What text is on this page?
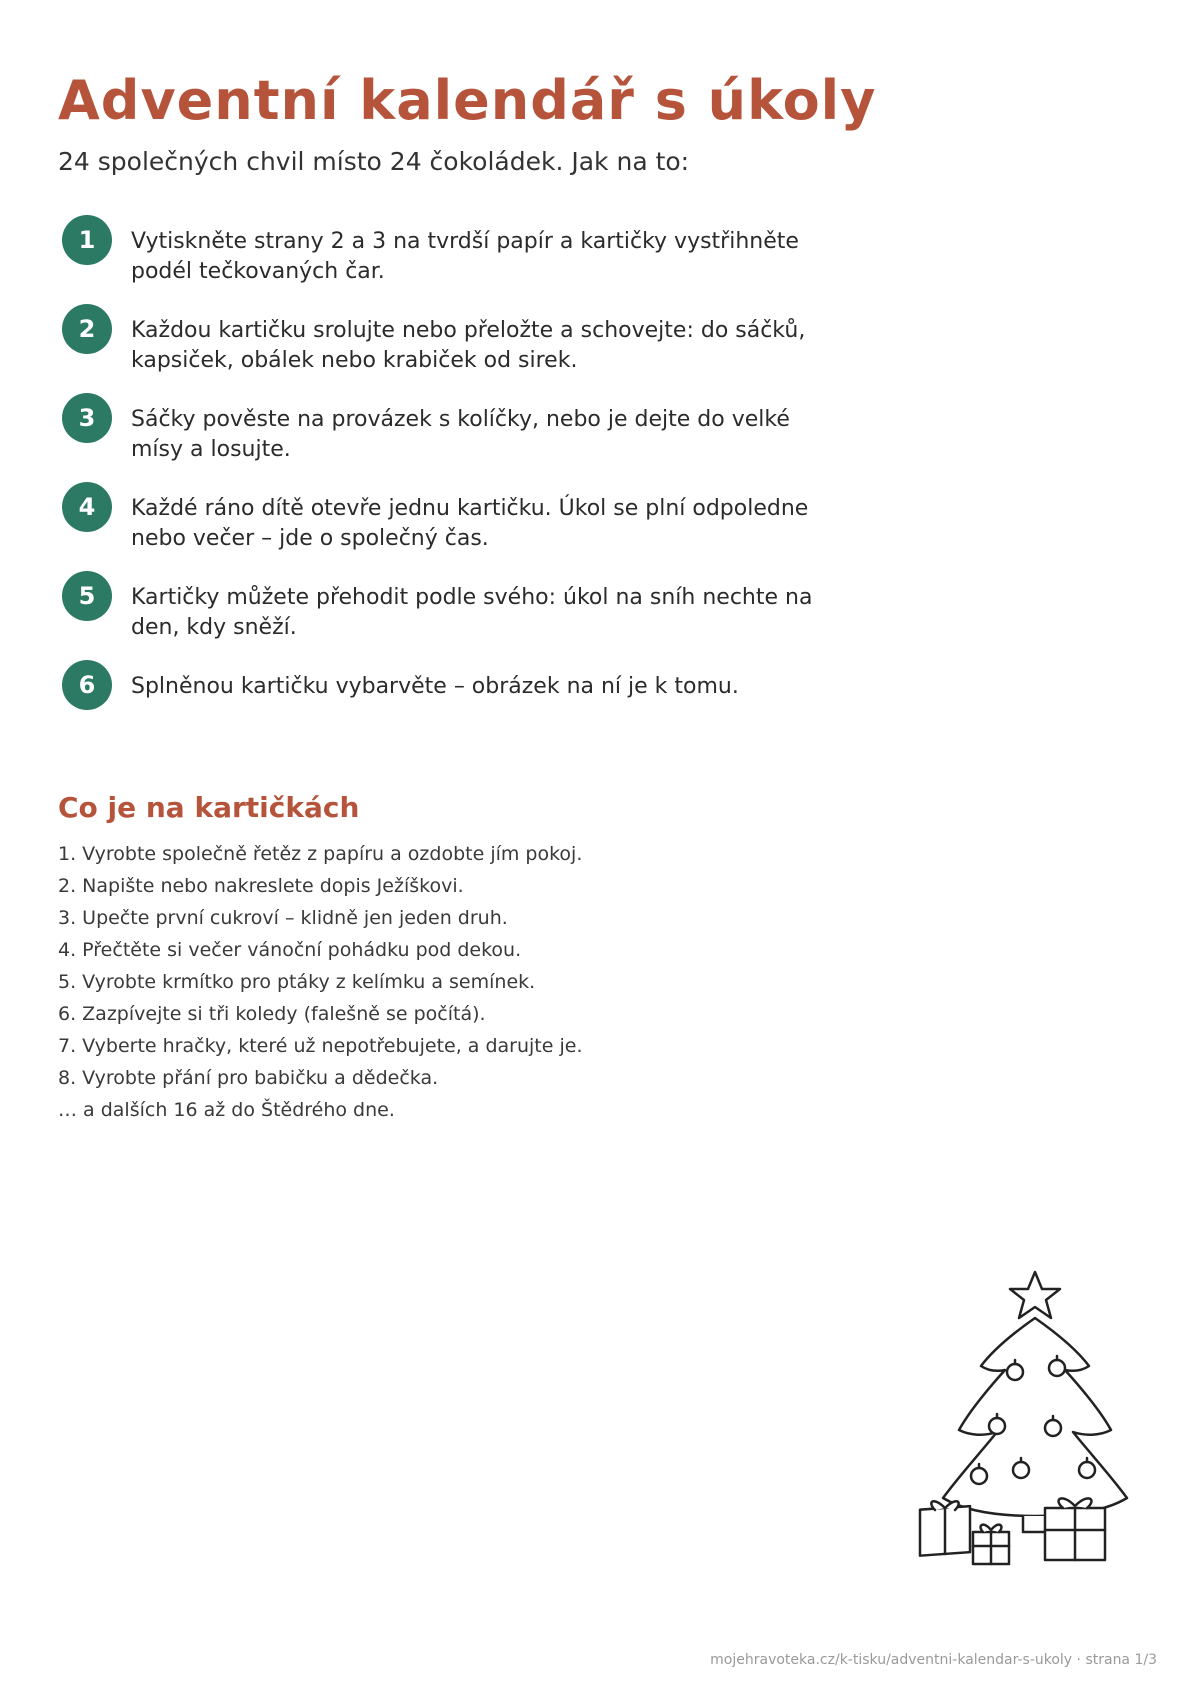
Adventní kalendář s úkoly

24 společných chvil místo 24 čokoládek. Jak na to:

1	Vytiskněte strany 2 a 3 na tvrdší papír a kartičky vystřihněte podél tečkovaných čar.

2	Každou kartičku srolujte nebo přeložte a schovejte: do sáčků, kapsiček, obálek nebo krabiček od sirek.

3	Sáčky pověste na provázek s kolíčky, nebo je dejte do velké mísy a losujte.

4	Každé ráno dítě otevře jednu kartičku. Úkol se plní odpoledne nebo večer – jde o společný čas.

5	Kartičky můžete přehodit podle svého: úkol na sníh nechte na den, kdy sněží.

6	Splněnou kartičku vybarvěte – obrázek na ní je k tomu.

Co je na kartičkách
1. Vyrobte společně řetěz z papíru a ozdobte jím pokoj.
2. Napište nebo nakreslete dopis Ježíškovi.
3. Upečte první cukroví – klidně jen jeden druh.
4. Přečtěte si večer vánoční pohádku pod dekou.
5. Vyrobte krmítko pro ptáky z kelímku a semínek.
6. Zazpívejte si tři koledy (falešně se počítá).
7. Vyberte hračky, které už nepotřebujete, a darujte je.
8. Vyrobte přání pro babičku a dědečka.
… a dalších 16 až do Štědrého dne.
mojehravoteka.cz/k-tisku/adventni-kalendar-s-ukoly · strana 1/3
